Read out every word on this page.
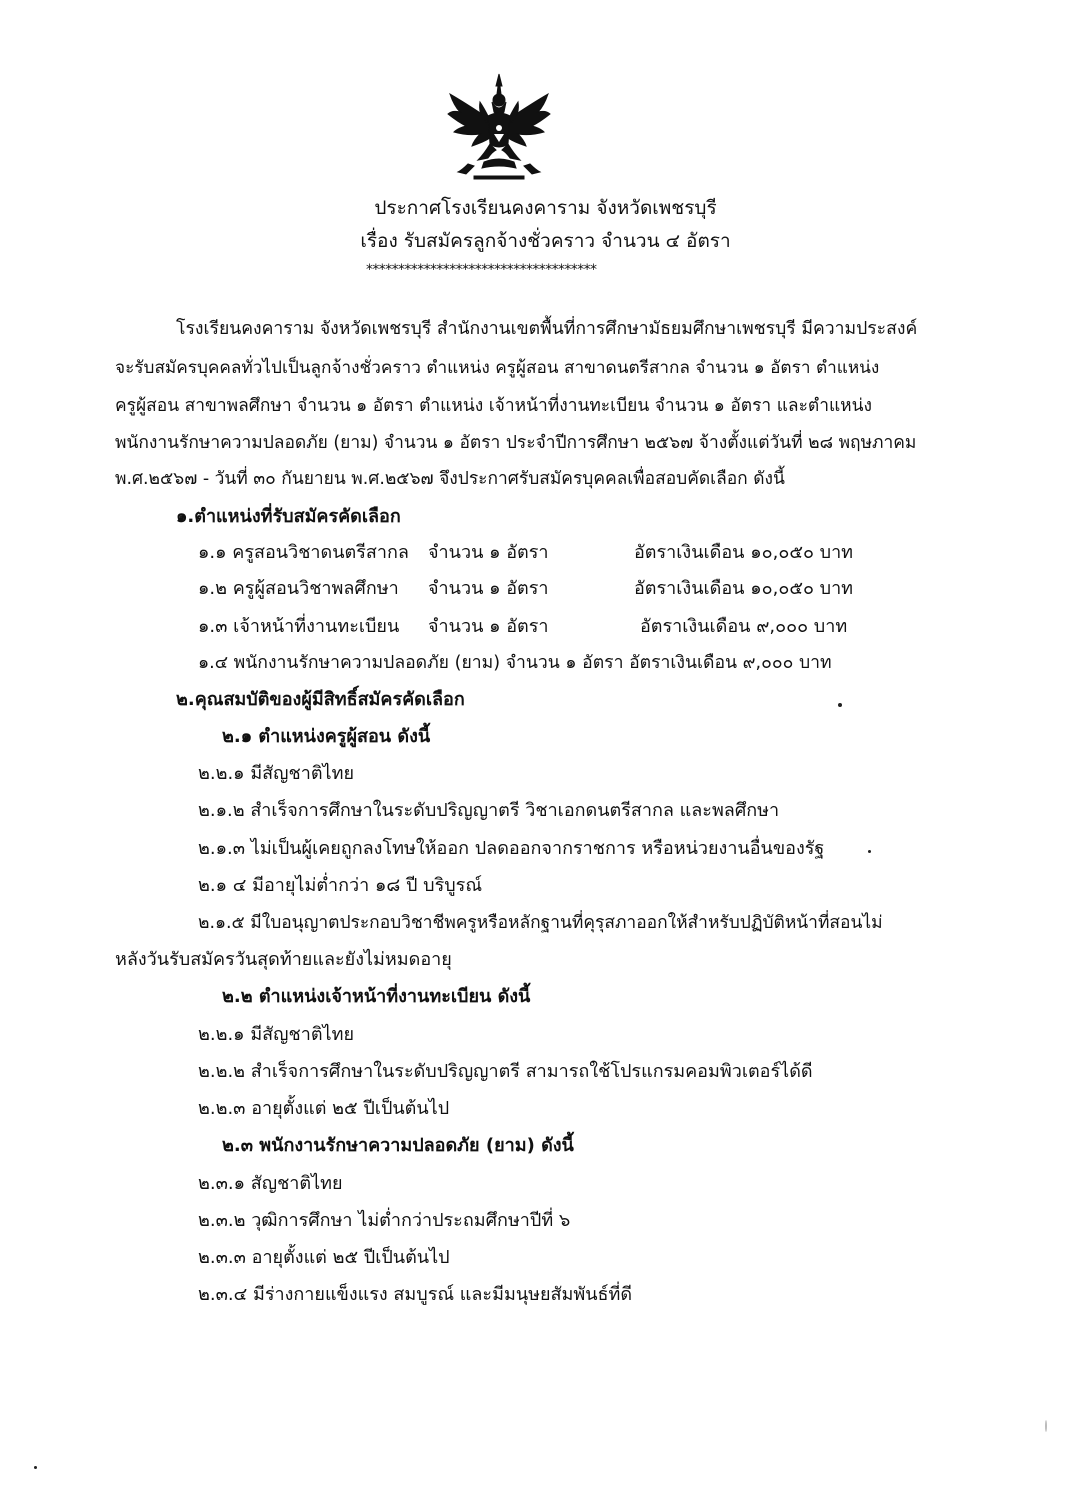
ประกาศโรงเรียนคงคาราม จังหวัดเพชรบุรี
เรื่อง รับสมัครลูกจ้างชั่วคราว จำนวน ๔ อัตรา
************************************
โรงเรียนคงคาราม จังหวัดเพชรบุรี สำนักงานเขตพื้นที่การศึกษามัธยมศึกษาเพชรบุรี มีความประสงค์
จะรับสมัครบุคคลทั่วไปเป็นลูกจ้างชั่วคราว ตำแหน่ง ครูผู้สอน สาขาดนตรีสากล จำนวน ๑ อัตรา ตำแหน่ง
ครูผู้สอน สาขาพลศึกษา จำนวน ๑ อัตรา ตำแหน่ง เจ้าหน้าที่งานทะเบียน จำนวน ๑ อัตรา และตำแหน่ง
พนักงานรักษาความปลอดภัย (ยาม) จำนวน ๑ อัตรา ประจำปีการศึกษา ๒๕๖๗ จ้างตั้งแต่วันที่ ๒๘ พฤษภาคม
พ.ศ.๒๕๖๗ - วันที่ ๓๐ กันยายน พ.ศ.๒๕๖๗ จึงประกาศรับสมัครบุคคลเพื่อสอบคัดเลือก ดังนี้
๑.ตำแหน่งที่รับสมัครคัดเลือก
๑.๑ ครูสอนวิชาดนตรีสากล จำนวน ๑ อัตรา	อัตราเงินเดือน ๑๐,๐๕๐ บาท
๑.๒ ครูผู้สอนวิชาพลศึกษา จำนวน ๑ อัตรา	อัตราเงินเดือน ๑๐,๐๕๐ บาท
๑.๓ เจ้าหน้าที่งานทะเบียน จำนวน ๑ อัตรา	อัตราเงินเดือน ๙,๐๐๐ บาท
๑.๔ พนักงานรักษาความปลอดภัย (ยาม) จำนวน ๑ อัตรา อัตราเงินเดือน ๙,๐๐๐ บาท
๒.คุณสมบัติของผู้มีสิทธิ์สมัครคัดเลือก
๒.๑ ตำแหน่งครูผู้สอน ดังนี้
๒.๒.๑ มีสัญชาติไทย
๒.๑.๒ สำเร็จการศึกษาในระดับปริญญาตรี วิชาเอกดนตรีสากล และพลศึกษา
๒.๑.๓ ไม่เป็นผู้เคยถูกลงโทษให้ออก ปลดออกจากราชการ หรือหน่วยงานอื่นของรัฐ
๒.๑ ๔ มีอายุไม่ต่ำกว่า ๑๘ ปี บริบูรณ์
๒.๑.๕ มีใบอนุญาตประกอบวิชาชีพครูหรือหลักฐานที่คุรุสภาออกให้สำหรับปฏิบัติหน้าที่สอนไม่
หลังวันรับสมัครวันสุดท้ายและยังไม่หมดอายุ
๒.๒ ตำแหน่งเจ้าหน้าที่งานทะเบียน ดังนี้
๒.๒.๑ มีสัญชาติไทย
๒.๒.๒ สำเร็จการศึกษาในระดับปริญญาตรี สามารถใช้โปรแกรมคอมพิวเตอร์ได้ดี
๒.๒.๓ อายุตั้งแต่ ๒๕ ปีเป็นต้นไป
๒.๓ พนักงานรักษาความปลอดภัย (ยาม) ดังนี้
๒.๓.๑ สัญชาติไทย
๒.๓.๒ วุฒิการศึกษา ไม่ต่ำกว่าประถมศึกษาปีที่ ๖
๒.๓.๓ อายุตั้งแต่ ๒๕ ปีเป็นต้นไป
๒.๓.๔ มีร่างกายแข็งแรง สมบูรณ์ และมีมนุษยสัมพันธ์ที่ดี
